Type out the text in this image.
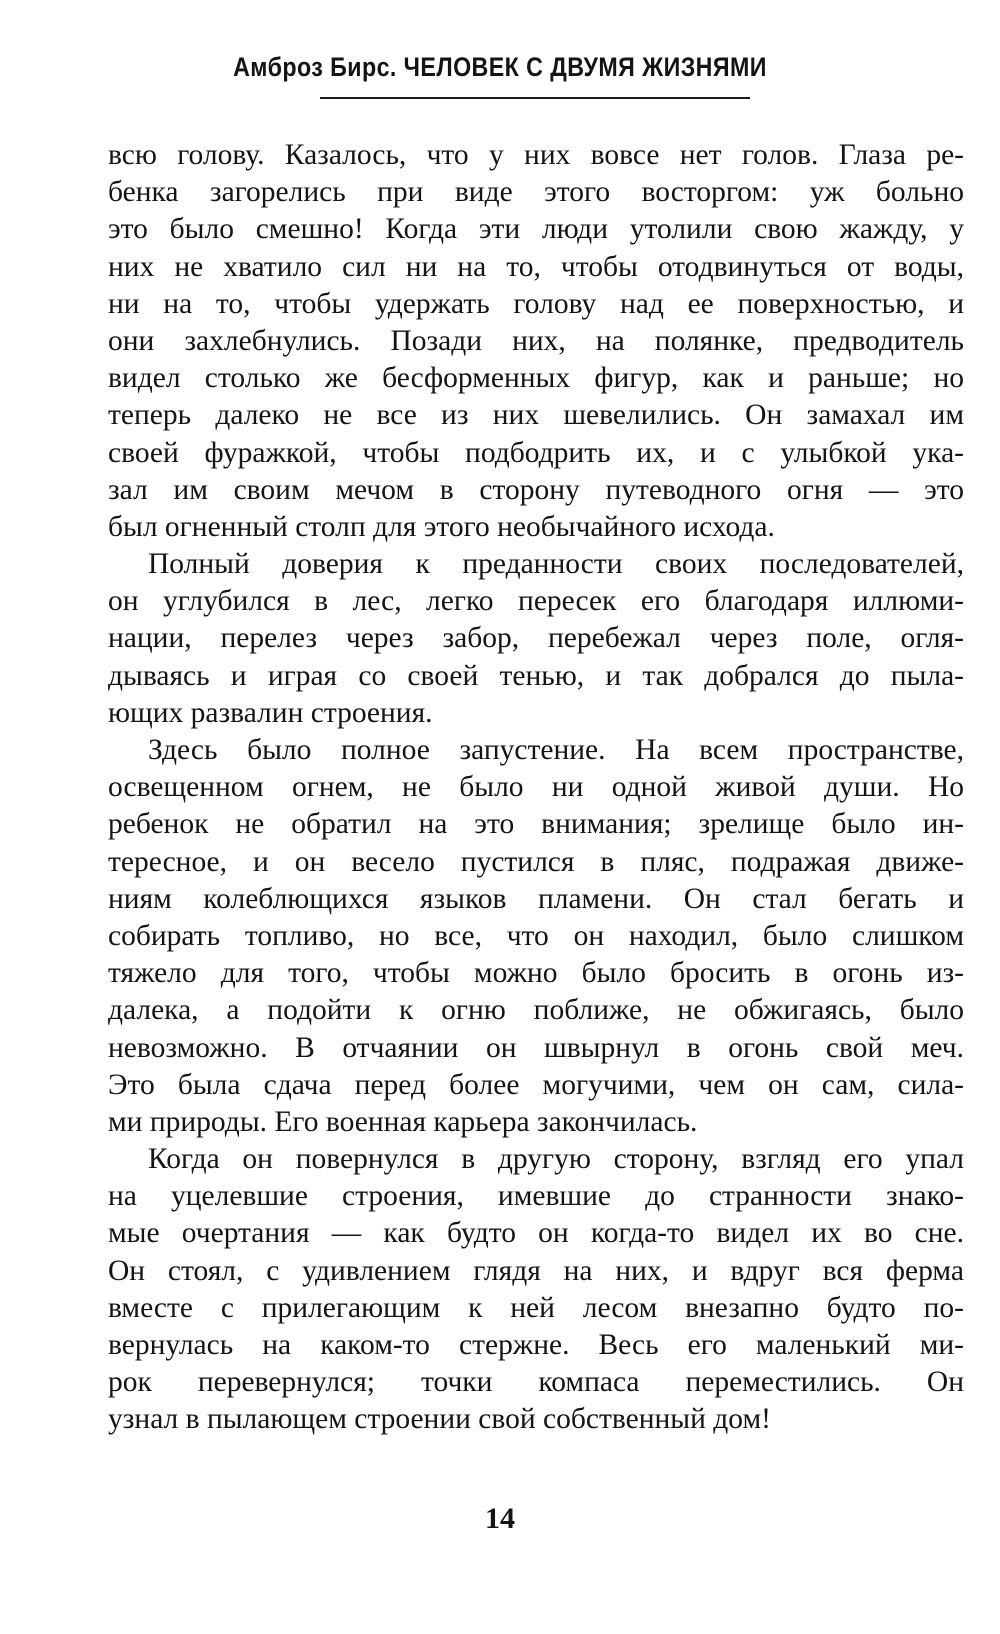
Амброз Бирс. ЧЕЛОВЕК С ДВУМЯ ЖИЗНЯМИ

всю голову. Казалось, что у них вовсе нет голов. Глаза ре-
бенка загорелись при виде этого восторгом: уж больно
это было смешно! Когда эти люди утолили свою жажду, у
них не хватило сил ни на то, чтобы отодвинуться от воды,
ни на то, чтобы удержать голову над ее поверхностью, и
они захлебнулись. Позади них, на полянке, предводитель
видел столько же бесформенных фигур, как и раньше; но
теперь далеко не все из них шевелились. Он замахал им
своей фуражкой, чтобы подбодрить их, и с улыбкой ука-
зал им своим мечом в сторону путеводного огня — это
был огненный столп для этого необычайного исхода.

Полный доверия к преданности своих последователей,
он углубился в лес, легко пересек его благодаря иллюми-
нации, перелез через забор, перебежал через поле, огля-
дываясь и играя со своей тенью, и так добрался до пыла-
ющих развалин строения.

Здесь было полное запустение. На всем пространстве,
освещенном огнем, не было ни одной живой души. Но
ребенок не обратил на это внимания; зрелище было ин-
тересное, и он весело пустился в пляс, подражая движе-
ниям колеблющихся языков пламени. Он стал бегать и
собирать топливо, но все, что он находил, было слишком
тяжело для того, чтобы можно было бросить в огонь из-
далека, а подойти к огню поближе, не обжигаясь, было
невозможно. В отчаянии он швырнул в огонь свой меч.
Это была сдача перед более могучими, чем он сам, сила-
ми природы. Его военная карьера закончилась.

Когда он повернулся в другую сторону, взгляд его упал
на уцелевшие строения, имевшие до странности знако-
мые очертания — как будто он когда-то видел их во сне.
Он стоял, с удивлением глядя на них, и вдруг вся ферма
вместе с прилегающим к ней лесом внезапно будто по-
вернулась на каком-то стержне. Весь его маленький ми-
рок перевернулся; точки компаса переместились. Он
узнал в пылающем строении свой собственный дом!

14
